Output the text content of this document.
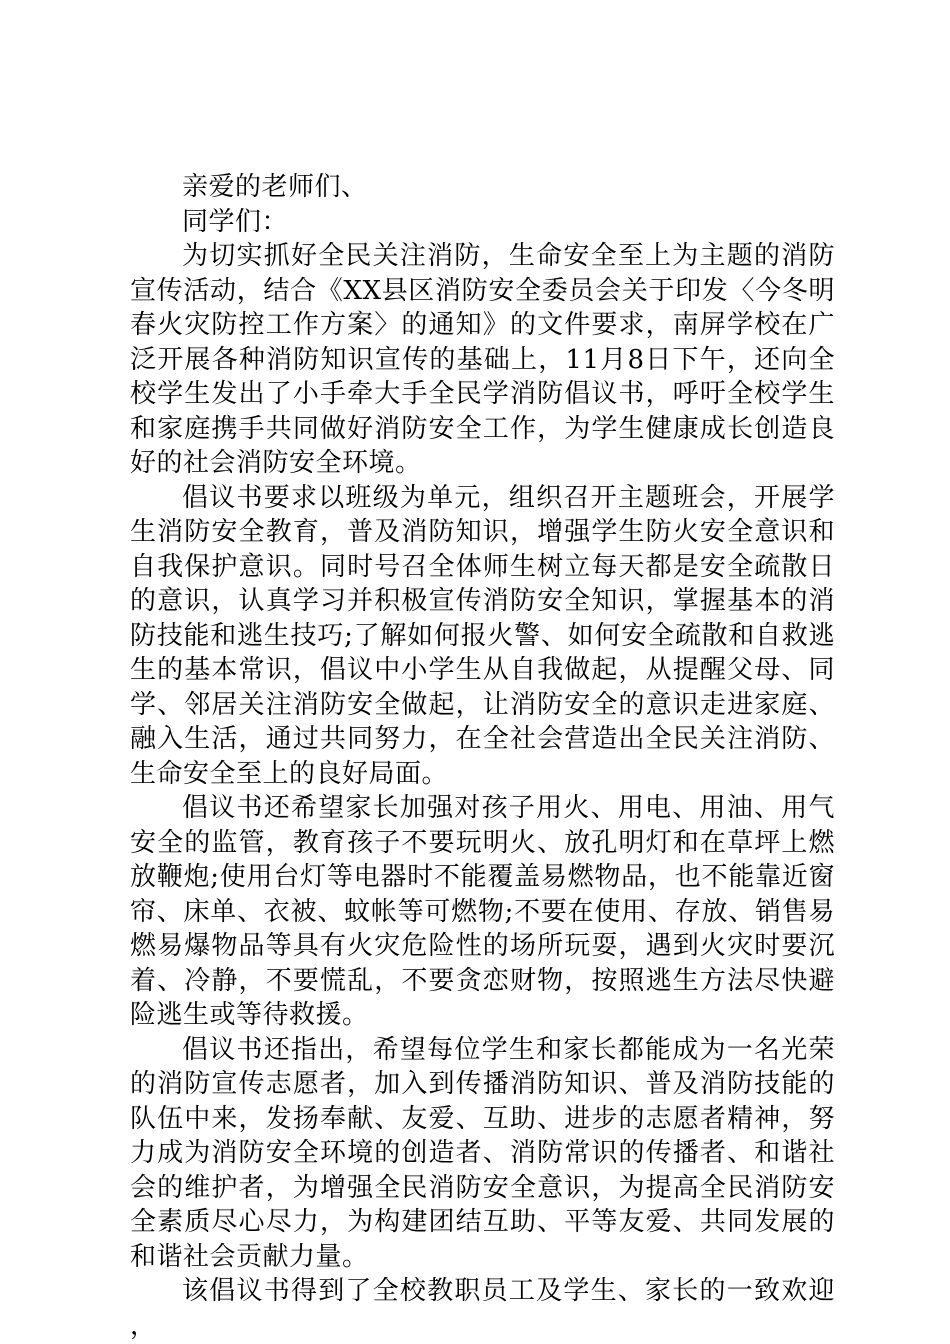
亲爱的老师们、

同学们：

为切实抓好全民关注消防，生命安全至上为主题的消防宣传活动，结合《XX县区消防安全委员会关于印发〈今冬明春火灾防控工作方案〉的通知》的文件要求，南屏学校在广泛开展各种消防知识宣传的基础上，11月8日下午，还向全校学生发出了小手牵大手全民学消防倡议书，呼吁全校学生和家庭携手共同做好消防安全工作，为学生健康成长创造良好的社会消防安全环境。

倡议书要求以班级为单元，组织召开主题班会，开展学生消防安全教育，普及消防知识，增强学生防火安全意识和自我保护意识。同时号召全体师生树立每天都是安全疏散日的意识，认真学习并积极宣传消防安全知识，掌握基本的消防技能和逃生技巧;了解如何报火警、如何安全疏散和自救逃生的基本常识，倡议中小学生从自我做起，从提醒父母、同学、邻居关注消防安全做起，让消防安全的意识走进家庭、融入生活，通过共同努力，在全社会营造出全民关注消防、生命安全至上的良好局面。

倡议书还希望家长加强对孩子用火、用电、用油、用气安全的监管，教育孩子不要玩明火、放孔明灯和在草坪上燃放鞭炮;使用台灯等电器时不能覆盖易燃物品，也不能靠近窗帘、床单、衣被、蚊帐等可燃物;不要在使用、存放、销售易燃易爆物品等具有火灾危险性的场所玩耍，遇到火灾时要沉着、冷静，不要慌乱，不要贪恋财物，按照逃生方法尽快避险逃生或等待救援。

倡议书还指出，希望每位学生和家长都能成为一名光荣的消防宣传志愿者，加入到传播消防知识、普及消防技能的队伍中来，发扬奉献、友爱、互助、进步的志愿者精神，努力成为消防安全环境的创造者、消防常识的传播者、和谐社会的维护者，为增强全民消防安全意识，为提高全民消防安全素质尽心尽力，为构建团结互助、平等友爱、共同发展的和谐社会贡献力量。

该倡议书得到了全校教职员工及学生、家长的一致欢迎，
